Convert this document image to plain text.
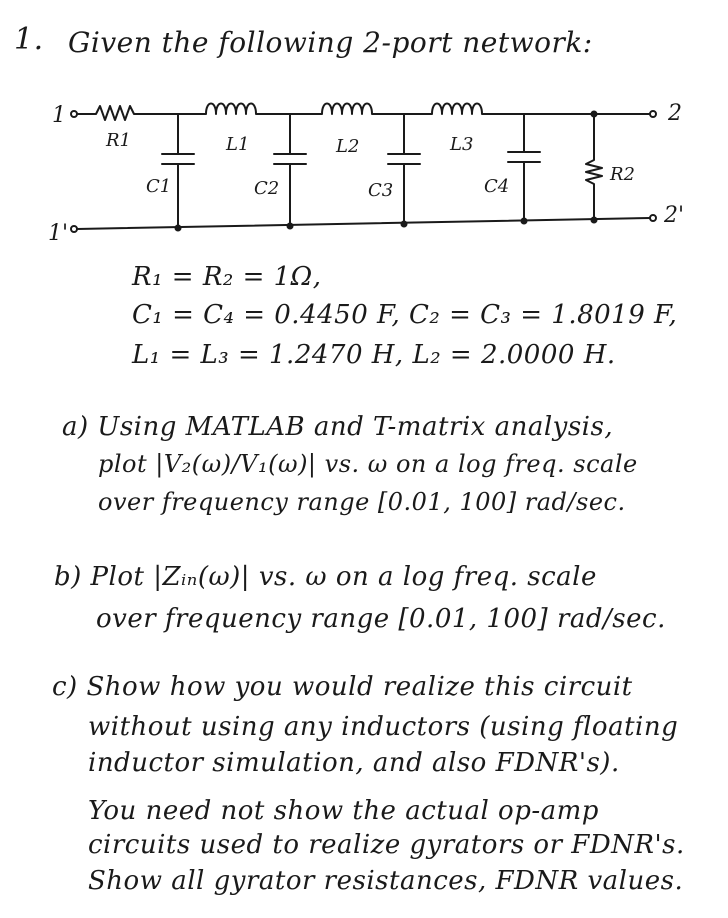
1. Given the following 2-port network:
1
R1	L1	L2	L3
2
1'
2'
C1	C2	C3	C4
R2
R₁ = R₂ = 1Ω,
C₁ = C₄ = 0.4450 F, C₂ = C₃ = 1.8019 F,
L₁ = L₃ = 1.2470 H, L₂ = 2.0000 H.
a) Using MATLAB and T-matrix analysis,
plot |V₂(ω)/V₁(ω)| vs. ω on a log freq. scale
over frequency range [0.01, 100] rad/sec.
b) Plot |Zᵢₙ(ω)| vs. ω on a log freq. scale
over frequency range [0.01, 100] rad/sec.
c) Show how you would realize this circuit
without using any inductors (using floating
inductor simulation, and also FDNR's).
You need not show the actual op-amp
circuits used to realize gyrators or FDNR's.
Show all gyrator resistances, FDNR values.
